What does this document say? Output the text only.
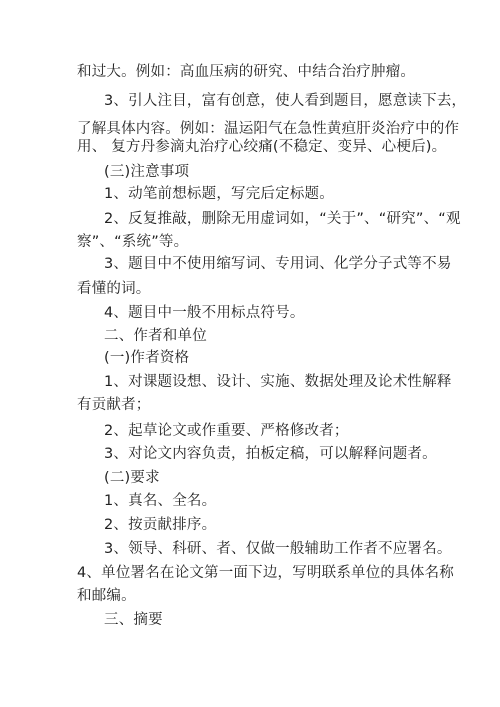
和过大。例如：高血压病的研究、中结合治疗肿瘤。
3、引人注目，富有创意，使人看到题目，愿意读下去，
了解具体内容。例如：温运阳气在急性黄疸肝炎治疗中的作
用、 复方丹参滴丸治疗心绞痛(不稳定、变异、心梗后)。
(三)注意事项
1、动笔前想标题，写完后定标题。
2、反复推敲，删除无用虚词如，“关于”、“研究”、“观
察”、“系统”等。
3、题目中不使用缩写词、专用词、化学分子式等不易
看懂的词。
4、题目中一般不用标点符号。
二、作者和单位
(一)作者资格
1、对课题设想、设计、实施、数据处理及论术性解释
有贡献者；
2、起草论文或作重要、严格修改者；
3、对论文内容负责，拍板定稿，可以解释问题者。
(二)要求
1、真名、全名。
2、按贡献排序。
3、领导、科研、者、仅做一般辅助工作者不应署名。
4、单位署名在论文第一面下边，写明联系单位的具体名称
和邮编。
三、摘要
